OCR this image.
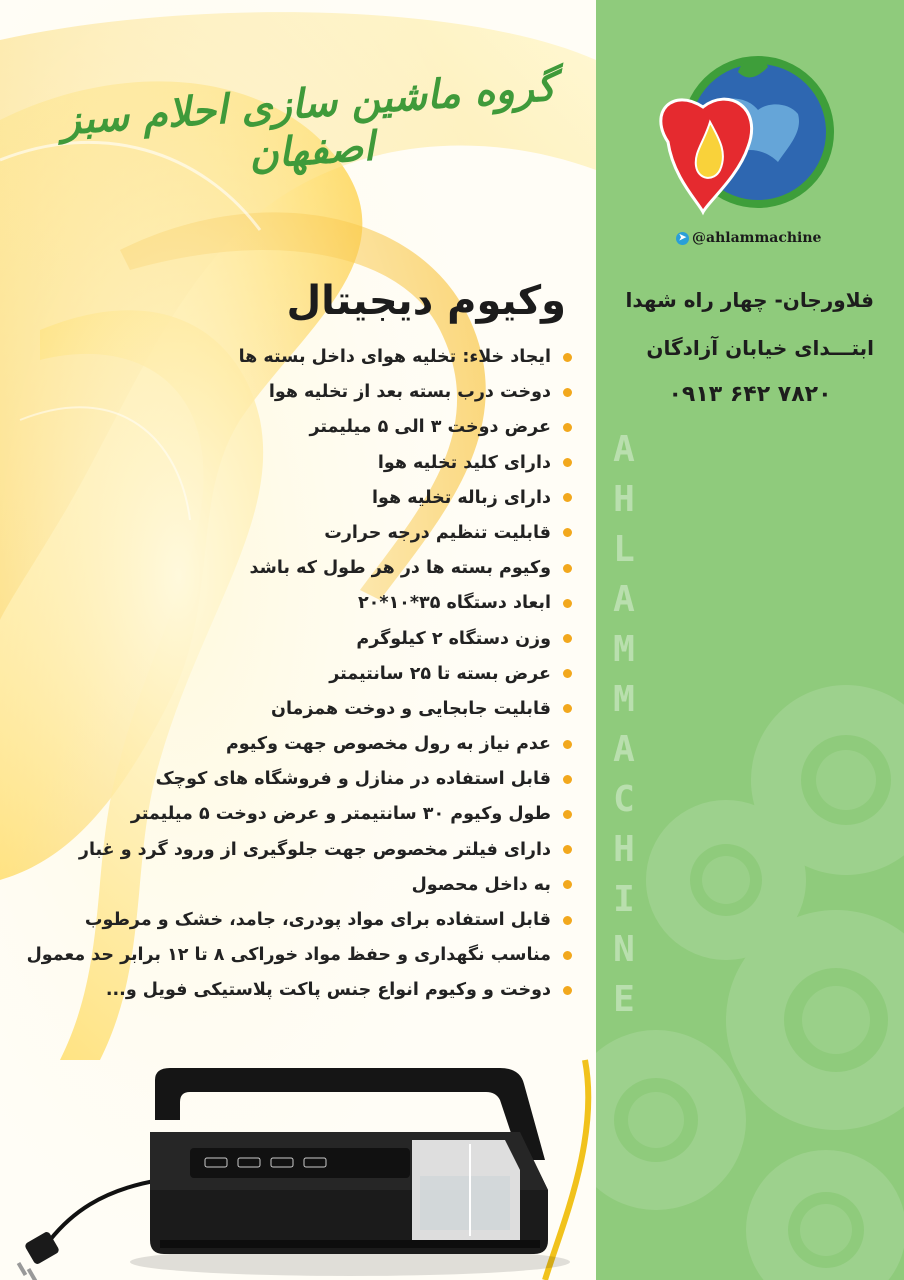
گروه ماشین سازی احلام سبز اصفهان
وکیوم دیجیتال
ایجاد خلاء: تخلیه هوای داخل بسته ها
دوخت درب بسته بعد از تخلیه هوا
عرض دوخت ۳ الی ۵ میلیمتر
دارای کلید تخلیه هوا
دارای زباله تخلیه هوا
قابلیت تنظیم درجه حرارت
وکیوم بسته ها در هر طول که باشد
ابعاد دستگاه ۳۵*۱۰*۲۰
وزن دستگاه ۲ کیلوگرم
عرض بسته تا ۲۵ سانتیمتر
قابلیت جابجایی و دوخت همزمان
عدم نیاز به رول مخصوص جهت وکیوم
قابل استفاده در منازل و فروشگاه های کوچک
طول وکیوم ۳۰ سانتیمتر و عرض دوخت ۵ میلیمتر
دارای فیلتر مخصوص جهت جلوگیری از ورود گرد و غبار
به داخل محصول
قابل استفاده برای مواد پودری، جامد، خشک و مرطوب
مناسب نگهداری و حفظ مواد خوراکی ۸ تا ۱۲ برابر حد معمول
دوخت و وکیوم انواع جنس پاکت پلاستیکی فویل و...
➤ @ahlammachine
فلاورجان- چهار راه شهدا
ابتـــدای خیابان آزادگان
۰۹۱۳ ۶۴۲ ۷۸۲۰
A
H
L
A
M
M
A
C
H
I
N
E
